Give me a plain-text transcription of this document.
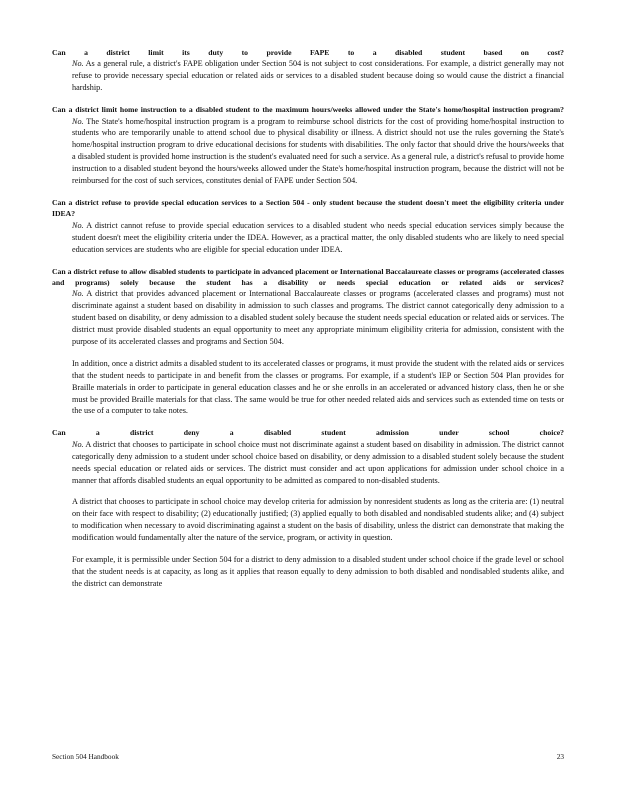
Can a district limit its duty to provide FAPE to a disabled student based on cost?

No. As a general rule, a district's FAPE obligation under Section 504 is not subject to cost considerations. For example, a district generally may not refuse to provide necessary special education or related aids or services to a disabled student because doing so would cause the district a financial hardship.

Can a district limit home instruction to a disabled student to the maximum hours/weeks allowed under the State's home/hospital instruction program?

No. The State's home/hospital instruction program is a program to reimburse school districts for the cost of providing home/hospital instruction to students who are temporarily unable to attend school due to physical disability or illness. A district should not use the rules governing the State's home/hospital instruction program to drive educational decisions for students with disabilities. The only factor that should drive the hours/weeks that a disabled student is provided home instruction is the student's evaluated need for such a service. As a general rule, a district's refusal to provide home instruction to a disabled student beyond the hours/weeks allowed under the State's home/hospital instruction program, because the district will not be reimbursed for the cost of such services, constitutes denial of FAPE under Section 504.

Can a district refuse to provide special education services to a Section 504 - only student because the student doesn't meet the eligibility criteria under IDEA?

No. A district cannot refuse to provide special education services to a disabled student who needs special education services simply because the student doesn't meet the eligibility criteria under the IDEA. However, as a practical matter, the only disabled students who are likely to need special education services are students who are eligible for special education under IDEA.

Can a district refuse to allow disabled students to participate in advanced placement or International Baccalaureate classes or programs (accelerated classes and programs) solely because the student has a disability or needs special education or related aids or services?

No. A district that provides advanced placement or International Baccalaureate classes or programs (accelerated classes and programs) must not discriminate against a student based on disability in admission to such classes and programs. The district cannot categorically deny admission to a student based on disability, or deny admission to a disabled student solely because the student needs special education or related aids or services. The district must provide disabled students an equal opportunity to meet any appropriate minimum eligibility criteria for admission, consistent with the purpose of its accelerated classes and programs and Section 504.

In addition, once a district admits a disabled student to its accelerated classes or programs, it must provide the student with the related aids or services that the student needs to participate in and benefit from the classes or programs. For example, if a student's IEP or Section 504 Plan provides for Braille materials in order to participate in general education classes and he or she enrolls in an accelerated or advanced history class, then he or she must be provided Braille materials for that class. The same would be true for other needed related aids and services such as extended time on tests or the use of a computer to take notes.

Can a district deny a disabled student admission under school choice?

No. A district that chooses to participate in school choice must not discriminate against a student based on disability in admission. The district cannot categorically deny admission to a student under school choice based on disability, or deny admission to a disabled student solely because the student needs special education or related aids or services. The district must consider and act upon applications for admission under school choice in a manner that affords disabled students an equal opportunity to be admitted as compared to non-disabled students.

A district that chooses to participate in school choice may develop criteria for admission by nonresident students as long as the criteria are: (1) neutral on their face with respect to disability; (2) educationally justified; (3) applied equally to both disabled and nondisabled students alike; and (4) subject to modification when necessary to avoid discriminating against a student on the basis of disability, unless the district can demonstrate that making the modification would fundamentally alter the nature of the service, program, or activity in question.

For example, it is permissible under Section 504 for a district to deny admission to a disabled student under school choice if the grade level or school that the student needs is at capacity, as long as it applies that reason equally to deny admission to both disabled and nondisabled students alike, and the district can demonstrate

Section 504 Handbook	23
